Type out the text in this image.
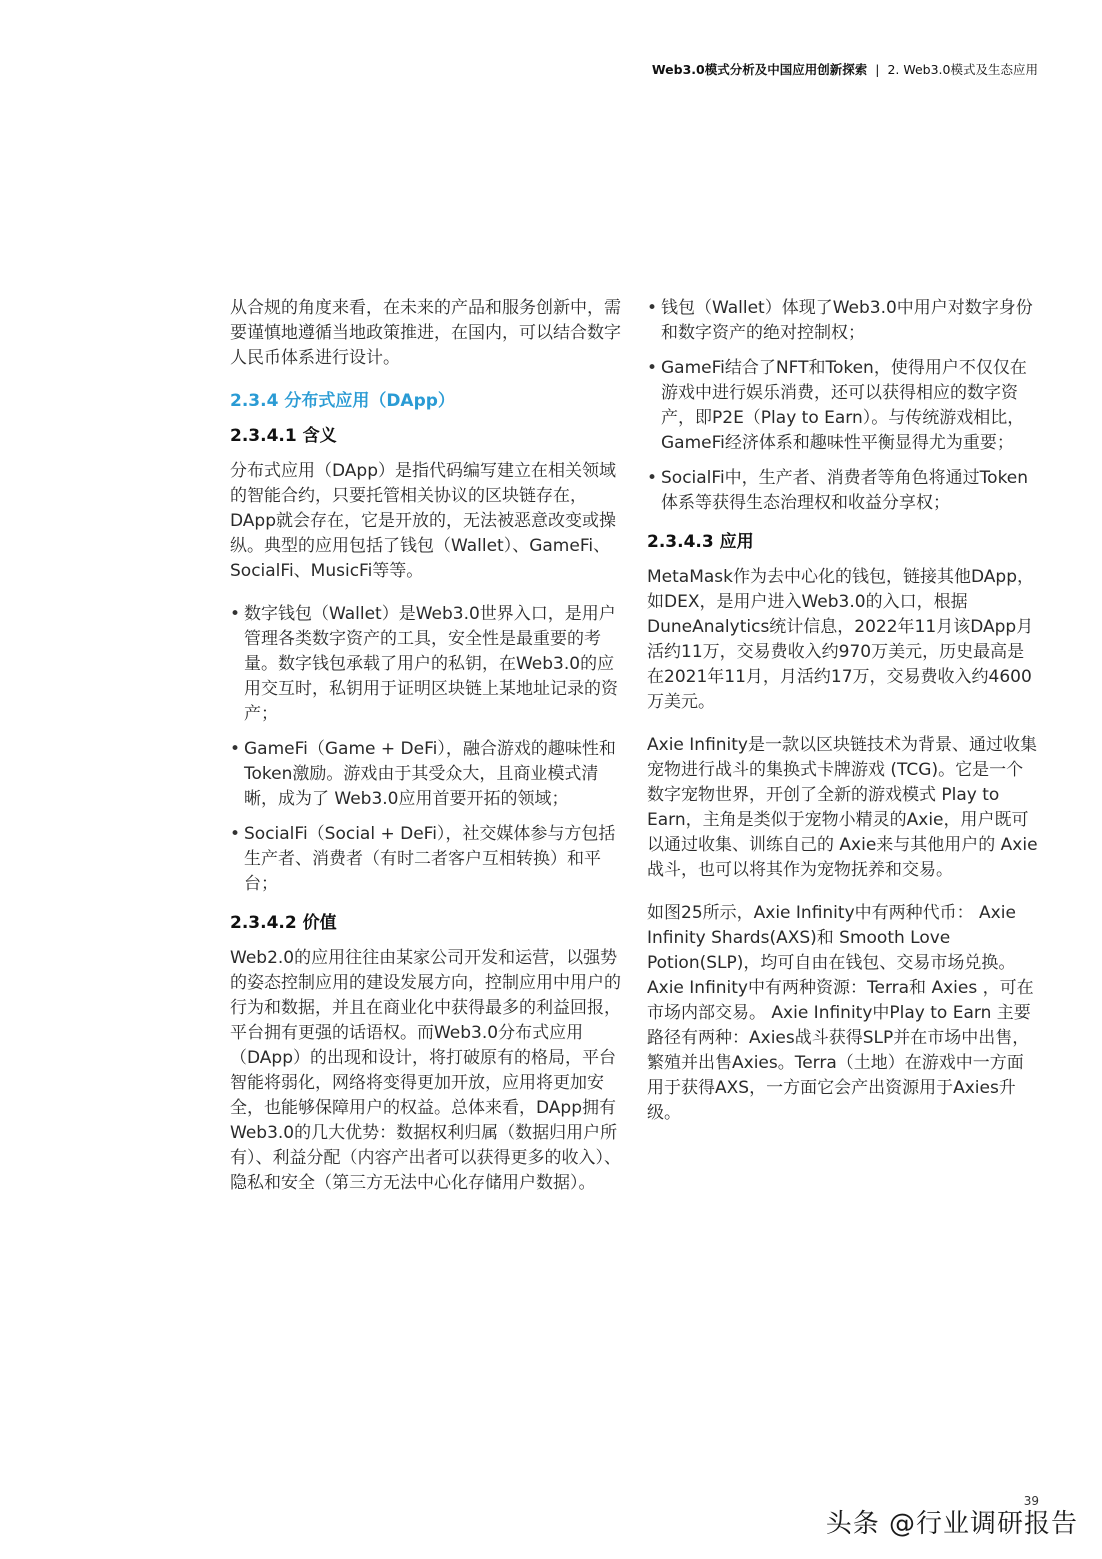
Web3.0模式分析及中国应用创新探索 | 2. Web3.0模式及生态应用

从合规的角度来看，在未来的产品和服务创新中，需要谨慎地遵循当地政策推进，在国内，可以结合数字人民币体系进行设计。

2.3.4 分布式应用（DApp）
2.3.4.1 含义

分布式应用（DApp）是指代码编写建立在相关领域的智能合约，只要托管相关协议的区块链存在，DApp就会存在，它是开放的，无法被恶意改变或操纵。典型的应用包括了钱包（Wallet）、GameFi、SocialFi、MusicFi等等。

• 数字钱包（Wallet）是Web3.0世界入口，是用户管理各类数字资产的工具，安全性是最重要的考量。数字钱包承载了用户的私钥，在Web3.0的应用交互时，私钥用于证明区块链上某地址记录的资产；
• GameFi（Game + DeFi），融合游戏的趣味性和Token激励。游戏由于其受众大，且商业模式清晰，成为了 Web3.0应用首要开拓的领域；
• SocialFi（Social + DeFi），社交媒体参与方包括生产者、消费者（有时二者客户互相转换）和平台；
2.3.4.2 价值

Web2.0的应用往往由某家公司开发和运营，以强势的姿态控制应用的建设发展方向，控制应用中用户的行为和数据，并且在商业化中获得最多的利益回报，平台拥有更强的话语权。而Web3.0分布式应用（DApp）的出现和设计，将打破原有的格局，平台智能将弱化，网络将变得更加开放，应用将更加安全，也能够保障用户的权益。总体来看，DApp拥有 Web3.0的几大优势：数据权利归属（数据归用户所有）、利益分配（内容产出者可以获得更多的收入）、隐私和安全（第三方无法中心化存储用户数据）。

• 钱包（Wallet）体现了Web3.0中用户对数字身份和数字资产的绝对控制权；
• GameFi结合了NFT和Token，使得用户不仅仅在游戏中进行娱乐消费，还可以获得相应的数字资产，即P2E（Play to Earn）。与传统游戏相比，GameFi经济体系和趣味性平衡显得尤为重要；
• SocialFi中，生产者、消费者等角色将通过Token体系等获得生态治理权和收益分享权；
2.3.4.3 应用

MetaMask作为去中心化的钱包，链接其他DApp，如DEX，是用户进入Web3.0的入口，根据DuneAnalytics统计信息，2022年11月该DApp月活约11万，交易费收入约970万美元，历史最高是在2021年11月，月活约17万，交易费收入约4600万美元。

Axie Infinity是一款以区块链技术为背景、通过收集宠物进行战斗的集换式卡牌游戏 (TCG)。它是一个数字宠物世界，开创了全新的游戏模式 Play to Earn，主角是类似于宠物小精灵的Axie，用户既可以通过收集、训练自己的 Axie来与其他用户的 Axie战斗，也可以将其作为宠物抚养和交易。

如图25所示，Axie Infinity中有两种代币： Axie Infinity Shards(AXS)和 Smooth Love Potion(SLP)，均可自由在钱包、交易市场兑换。Axie Infinity中有两种资源：Terra和 Axies ，可在市场内部交易。 Axie Infinity中Play to Earn 主要路径有两种：Axies战斗获得SLP并在市场中出售，繁殖并出售Axies。Terra（土地）在游戏中一方面用于获得AXS，一方面它会产出资源用于Axies升级。

39
头条 @行业调研报告
